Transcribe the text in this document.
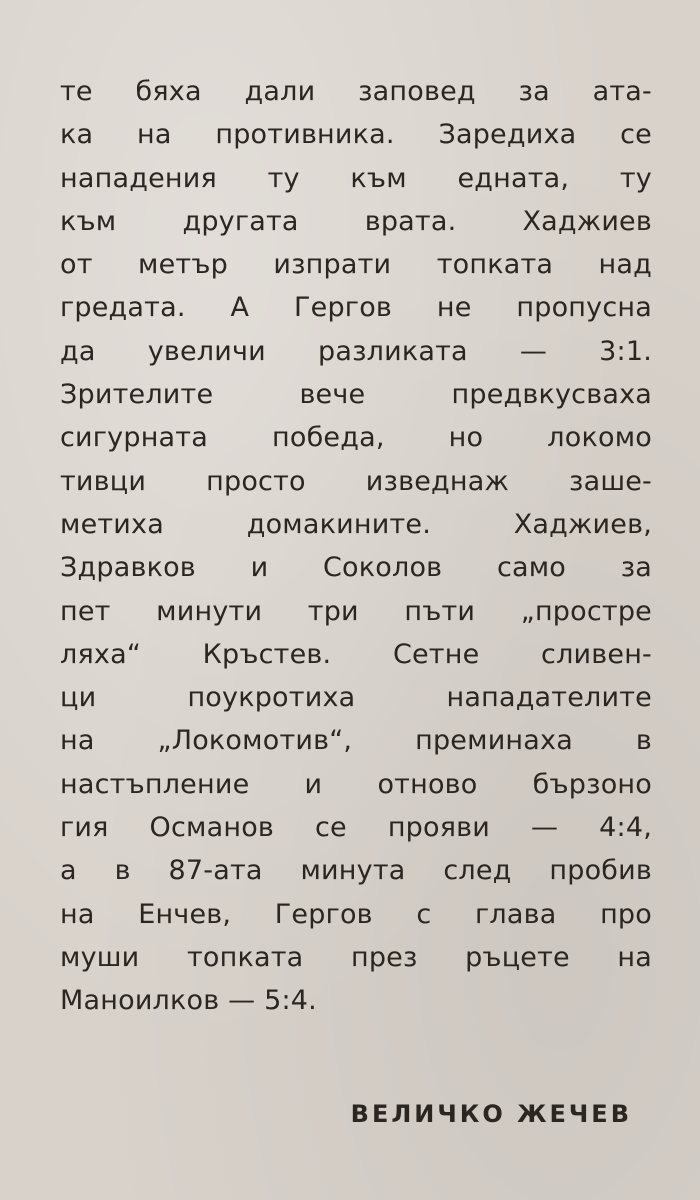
те бяха дали заповед за ата-
ка на противника. Зaредиха се
нападения ту към едната, ту
към другата врата. Хаджиев
от метър изпрати топката над
гредата. А Гергов не пропусна
да увеличи разликата — 3:1.
Зрителите вече предвкусваха
сигурната победа, но локомо
тивци просто изведнаж зашe-
метиха домакините. Хаджиев,
Здравков и Соколов само за
пет минути три пъти „простре
ляха“ Кръстев. Сетне сливен-
ци поукротиха нападателите
на „Локомотив“, преминаха в
настъпление и отново бързоно
гия Османов се прояви — 4:4,
а в 87-ата минута след пробив
на Енчев, Гергов с глава про
муши топката през ръцете на
Маноилков — 5:4.
ВЕЛИЧКО ЖЕЧЕВ
